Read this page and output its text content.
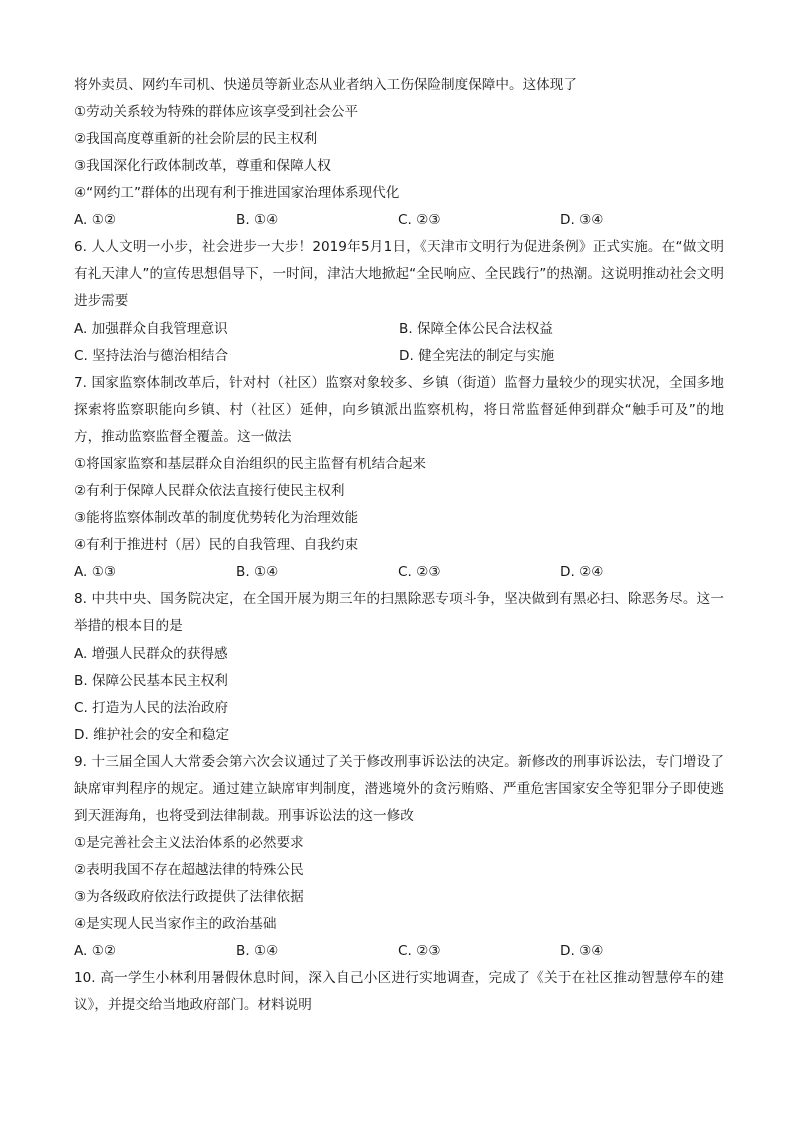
将外卖员、网约车司机、快递员等新业态从业者纳入工伤保险制度保障中。这体现了
①劳动关系较为特殊的群体应该享受到社会公平
②我国高度尊重新的社会阶层的民主权利
③我国深化行政体制改革，尊重和保障人权
④“网约工”群体的出现有利于推进国家治理体系现代化
A. ①②	B. ①④	C. ②③	D. ③④

6. 人人文明一小步，社会进步一大步！2019年5月1日，《天津市文明行为促进条例》正式实施。在“做文明有礼天津人”的宣传思想倡导下，一时间，津沽大地掀起“全民响应、全民践行”的热潮。这说明推动社会文明进步需要

A. 加强群众自我管理意识	B. 保障全体公民合法权益
C. 坚持法治与德治相结合	D. 健全宪法的制定与实施

7. 国家监察体制改革后，针对村（社区）监察对象较多、乡镇（街道）监督力量较少的现实状况，全国多地探索将监察职能向乡镇、村（社区）延伸，向乡镇派出监察机构，将日常监督延伸到群众“触手可及”的地方，推动监察监督全覆盖。这一做法

①将国家监察和基层群众自治组织的民主监督有机结合起来
②有利于保障人民群众依法直接行使民主权利
③能将监察体制改革的制度优势转化为治理效能
④有利于推进村（居）民的自我管理、自我约束
A. ①③	B. ①④	C. ②③	D. ②④

8. 中共中央、国务院决定，在全国开展为期三年的扫黑除恶专项斗争，坚决做到有黑必扫、除恶务尽。这一举措的根本目的是

A. 增强人民群众的获得感
B. 保障公民基本民主权利
C. 打造为人民的法治政府
D. 维护社会的安全和稳定

9. 十三届全国人大常委会第六次会议通过了关于修改刑事诉讼法的决定。新修改的刑事诉讼法，专门增设了缺席审判程序的规定。通过建立缺席审判制度，潜逃境外的贪污贿赂、严重危害国家安全等犯罪分子即使逃到天涯海角，也将受到法律制裁。刑事诉讼法的这一修改

①是完善社会主义法治体系的必然要求
②表明我国不存在超越法律的特殊公民
③为各级政府依法行政提供了法律依据
④是实现人民当家作主的政治基础
A. ①②	B. ①④	C. ②③	D. ③④

10. 高一学生小林利用暑假休息时间，深入自己小区进行实地调查，完成了《关于在社区推动智慧停车的建议》，并提交给当地政府部门。材料说明
